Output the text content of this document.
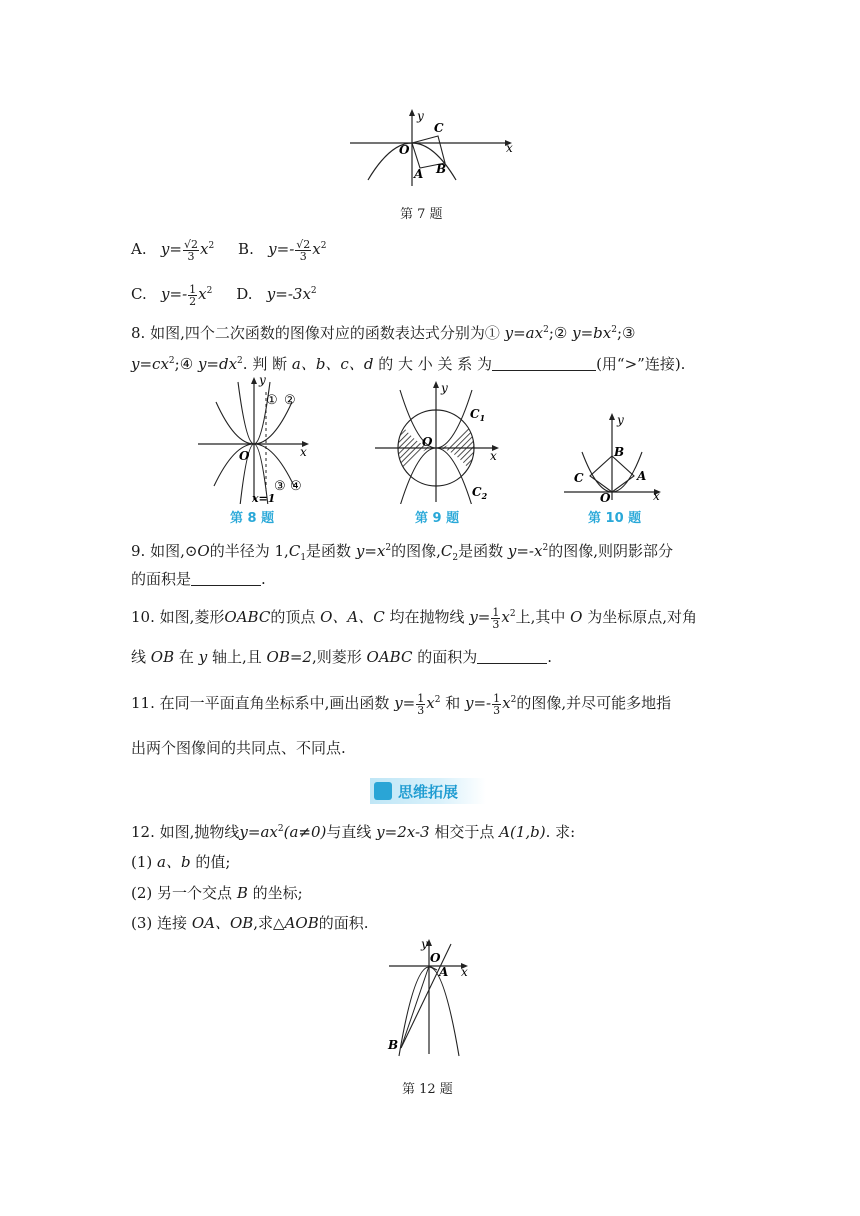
y
x
O
A B
C
第 7 题
A. $y= \frac{√2}{3} x^2$ B. $y=- \frac{√2}{3} x^2$
C. $y=- \frac{1}{2} x^2$ D. $y=-3x^2$
8. 如图,四个二次函数的图像对应的函数表达式分别为① $y=ax^2;②$ $y=bx^2;③$
$y=cx^2;④$ $y=dx^2$. 判 断 a、b、c、d 的 大 小 关 系 为	(用“>”连接).
y
x
O
① ②
③ ④
x=1
第 8 题
y
x
O
$C_1$
$C_2$
第 9 题
y
x
O
A
B
C
第 10 题
9. 如图,⊙O的半径为 $1,C_1$是函数 $y=x^2$的图像$,C_2$是函数 $y=-x^2$的图像,则阴影部分
的面积是	.
10. 如图,菱形OABC的顶点 O、A、C 均在抛物线 $y= \frac{1}{3} x^2$上,其中 O 为坐标原点,对角
线 OB 在 y 轴上,且 OB=2,则菱形 OABC 的面积为	.
11. 在同一平面直角坐标系中,画出函数 $y= \frac{1}{3} x^2$ 和 $y=- \frac{1}{3} x^2$的图像,并尽可能多地指
出两个图像间的共同点、不同点.
思维拓展
12. 如图,抛物线$y=ax^2(a\ne 0)$与直线 y=2x-3 相交于点 A(1,b). 求:
(1) a、b 的值;
(2) 另一个交点 B 的坐标;
(3) 连接 OA、OB,求△AOB的面积.
y
x
O
A
B
第 12 题
